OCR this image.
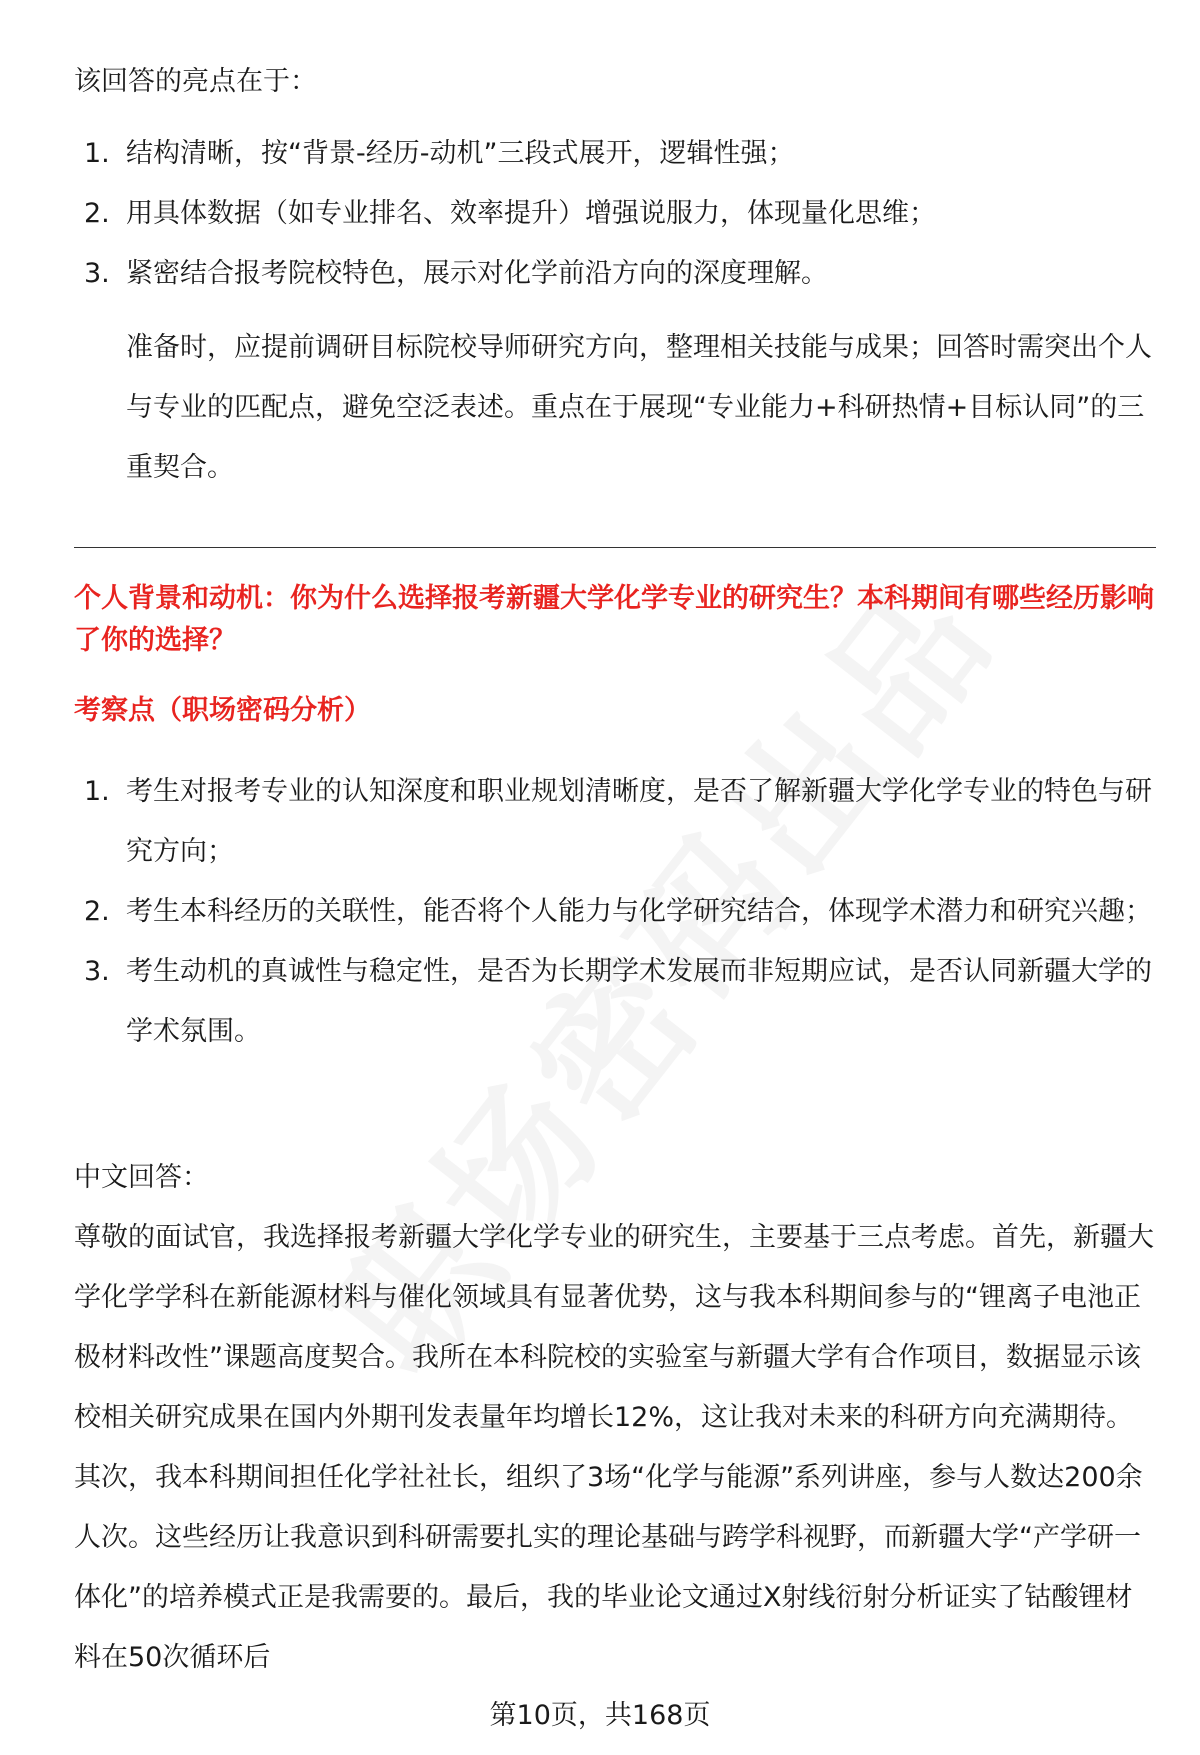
该回答的亮点在于：
1. 结构清晰，按“背景-经历-动机”三段式展开，逻辑性强；
2. 用具体数据（如专业排名、效率提升）增强说服力，体现量化思维；
3. 紧密结合报考院校特色，展示对化学前沿方向的深度理解。
准备时，应提前调研目标院校导师研究方向，整理相关技能与成果；回答时需突出个人与专业的匹配点，避免空泛表述。重点在于展现“专业能力+科研热情+目标认同”的三重契合。
个人背景和动机：你为什么选择报考新疆大学化学专业的研究生？本科期间有哪些经历影响了你的选择？
考察点（职场密码分析）
1. 考生对报考专业的认知深度和职业规划清晰度，是否了解新疆大学化学专业的特色与研究方向；
2. 考生本科经历的关联性，能否将个人能力与化学研究结合，体现学术潜力和研究兴趣；
3. 考生动机的真诚性与稳定性，是否为长期学术发展而非短期应试，是否认同新疆大学的学术氛围。
中文回答：
尊敬的面试官，我选择报考新疆大学化学专业的研究生，主要基于三点考虑。首先，新疆大学化学学科在新能源材料与催化领域具有显著优势，这与我本科期间参与的“锂离子电池正极材料改性”课题高度契合。我所在本科院校的实验室与新疆大学有合作项目，数据显示该校相关研究成果在国内外期刊发表量年均增长12%，这让我对未来的科研方向充满期待。其次，我本科期间担任化学社社长，组织了3场“化学与能源”系列讲座，参与人数达200余人次。这些经历让我意识到科研需要扎实的理论基础与跨学科视野，而新疆大学“产学研一体化”的培养模式正是我需要的。最后，我的毕业论文通过X射线衍射分析证实了钴酸锂材料在50次循环后
第10页，共168页
